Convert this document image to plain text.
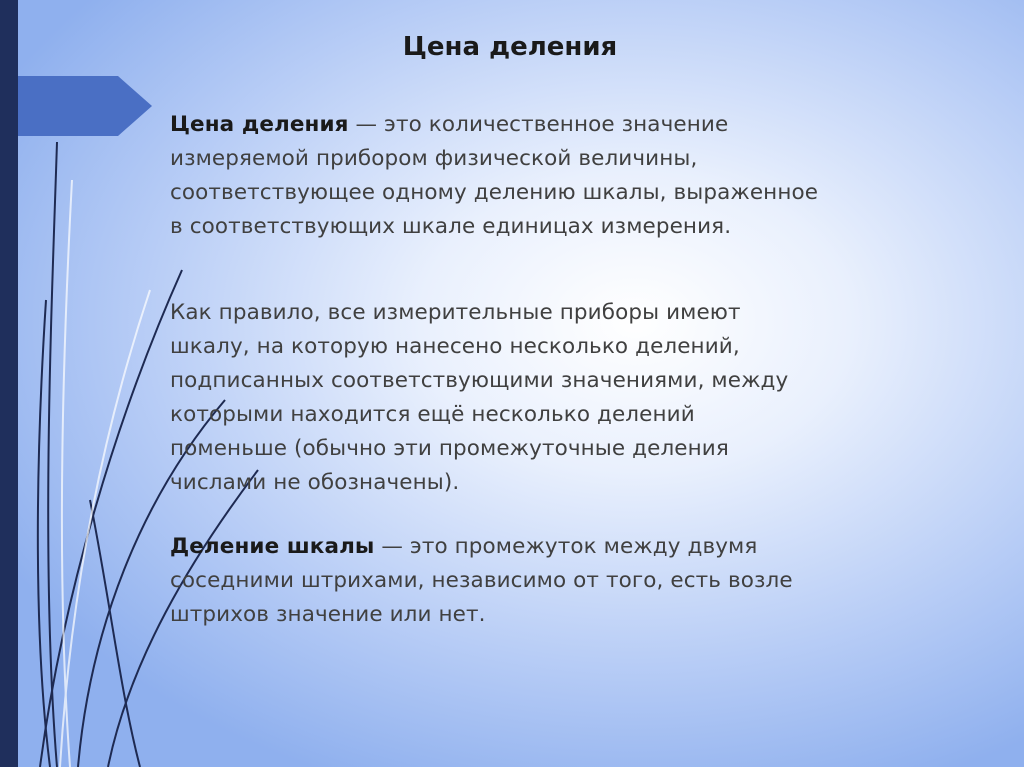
Цена деления

Цена деления — это количественное значение
измеряемой прибором физической величины,
соответствующее одному делению шкалы, выраженное
в соответствующих шкале единицах измерения.

Как правило, все измерительные приборы имеют
шкалу, на которую нанесено несколько делений,
подписанных соответствующими значениями, между
которыми находится ещё несколько делений
поменьше (обычно эти промежуточные деления
числами не обозначены).

Деление шкалы — это промежуток между двумя
соседними штрихами, независимо от того, есть возле
штрихов значение или нет.
